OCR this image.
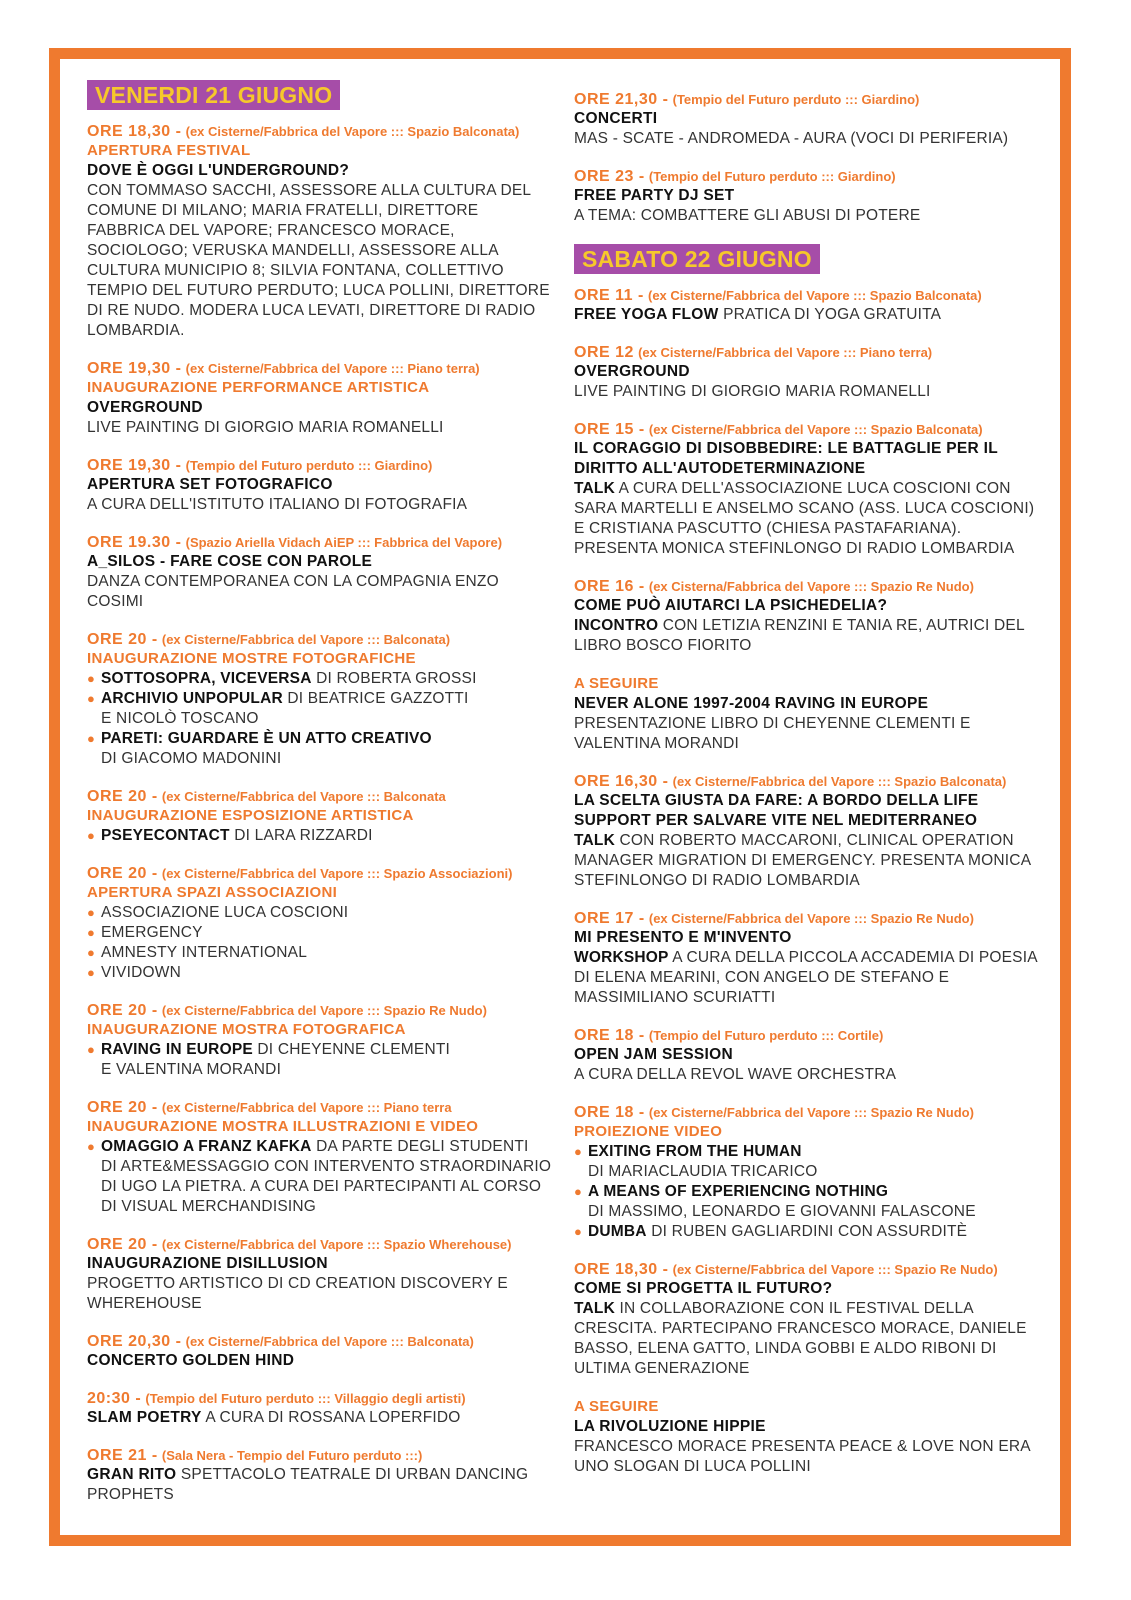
VENERDI 21 GIUGNO
ORE 18,30 - (ex Cisterne/Fabbrica del Vapore ::: Spazio Balconata)
APERTURA FESTIVAL
DOVE È OGGI L'UNDERGROUND?
CON TOMMASO SACCHI, ASSESSORE ALLA CULTURA DEL COMUNE DI MILANO; MARIA FRATELLI, DIRETTORE FABBRICA DEL VAPORE; FRANCESCO MORACE, SOCIOLOGO; VERUSKA MANDELLI, ASSESSORE ALLA CULTURA MUNICIPIO 8; SILVIA FONTANA, COLLETTIVO TEMPIO DEL FUTURO PERDUTO; LUCA POLLINI, DIRETTORE DI RE NUDO. MODERA LUCA LEVATI, DIRETTORE DI RADIO LOMBARDIA.
ORE 19,30 - (ex Cisterne/Fabbrica del Vapore ::: Piano terra)
INAUGURAZIONE PERFORMANCE ARTISTICA
OVERGROUND
LIVE PAINTING DI GIORGIO MARIA ROMANELLI
ORE 19,30 - (Tempio del Futuro perduto ::: Giardino)
APERTURA SET FOTOGRAFICO
A CURA DELL'ISTITUTO ITALIANO DI FOTOGRAFIA
ORE 19.30 - (Spazio Ariella Vidach AiEP ::: Fabbrica del Vapore)
A_SILOS - FARE COSE CON PAROLE
DANZA CONTEMPORANEA CON LA COMPAGNIA ENZO COSIMI
ORE 20 - (ex Cisterne/Fabbrica del Vapore ::: Balconata)
INAUGURAZIONE MOSTRE FOTOGRAFICHE
● SOTTOSOPRA, VICEVERSA DI ROBERTA GROSSI
● ARCHIVIO UNPOPULAR DI BEATRICE GAZZOTTI
E NICOLÒ TOSCANO
● PARETI: GUARDARE È UN ATTO CREATIVO
DI GIACOMO MADONINI
ORE 20 - (ex Cisterne/Fabbrica del Vapore ::: Balconata
INAUGURAZIONE ESPOSIZIONE ARTISTICA
● PSEYECONTACT DI LARA RIZZARDI
ORE 20 - (ex Cisterne/Fabbrica del Vapore ::: Spazio Associazioni)
APERTURA SPAZI ASSOCIAZIONI
● ASSOCIAZIONE LUCA COSCIONI
● EMERGENCY
● AMNESTY INTERNATIONAL
● VIVIDOWN
ORE 20 - (ex Cisterne/Fabbrica del Vapore ::: Spazio Re Nudo)
INAUGURAZIONE MOSTRA FOTOGRAFICA
● RAVING IN EUROPE DI CHEYENNE CLEMENTI
E VALENTINA MORANDI
ORE 20 - (ex Cisterne/Fabbrica del Vapore ::: Piano terra
INAUGURAZIONE MOSTRA ILLUSTRAZIONI E VIDEO
● OMAGGIO A FRANZ KAFKA DA PARTE DEGLI STUDENTI
DI ARTE&MESSAGGIO CON INTERVENTO STRAORDINARIO DI UGO LA PIETRA. A CURA DEI PARTECIPANTI AL CORSO DI VISUAL MERCHANDISING
ORE 20 - (ex Cisterne/Fabbrica del Vapore ::: Spazio Wherehouse)
INAUGURAZIONE DISILLUSION
PROGETTO ARTISTICO DI CD CREATION DISCOVERY E WHEREHOUSE
ORE 20,30 - (ex Cisterne/Fabbrica del Vapore ::: Balconata)
CONCERTO GOLDEN HIND
20:30 - (Tempio del Futuro perduto ::: Villaggio degli artisti)
SLAM POETRY A CURA DI ROSSANA LOPERFIDO
ORE 21 - (Sala Nera - Tempio del Futuro perduto :::)
GRAN RITO SPETTACOLO TEATRALE DI URBAN DANCING PROPHETS
ORE 21,30 - (Tempio del Futuro perduto ::: Giardino)
CONCERTI
MAS - SCATE - ANDROMEDA - AURA (VOCI DI PERIFERIA)
ORE 23 - (Tempio del Futuro perduto ::: Giardino)
FREE PARTY DJ SET
A TEMA: COMBATTERE GLI ABUSI DI POTERE
SABATO 22 GIUGNO
ORE 11 - (ex Cisterne/Fabbrica del Vapore ::: Spazio Balconata)
FREE YOGA FLOW PRATICA DI YOGA GRATUITA
ORE 12 (ex Cisterne/Fabbrica del Vapore ::: Piano terra)
OVERGROUND
LIVE PAINTING DI GIORGIO MARIA ROMANELLI
ORE 15 - (ex Cisterne/Fabbrica del Vapore ::: Spazio Balconata)
IL CORAGGIO DI DISOBBEDIRE: LE BATTAGLIE PER IL DIRITTO ALL'AUTODETERMINAZIONE
TALK A CURA DELL'ASSOCIAZIONE LUCA COSCIONI CON SARA MARTELLI E ANSELMO SCANO (ASS. LUCA COSCIONI) E CRISTIANA PASCUTTO (CHIESA PASTAFARIANA). PRESENTA MONICA STEFINLONGO DI RADIO LOMBARDIA
ORE 16 - (ex Cisterna/Fabbrica del Vapore ::: Spazio Re Nudo)
COME PUÒ AIUTARCI LA PSICHEDELIA?
INCONTRO CON LETIZIA RENZINI E TANIA RE, AUTRICI DEL LIBRO BOSCO FIORITO
A SEGUIRE
NEVER ALONE 1997-2004 RAVING IN EUROPE
PRESENTAZIONE LIBRO DI CHEYENNE CLEMENTI E VALENTINA MORANDI
ORE 16,30 - (ex Cisterne/Fabbrica del Vapore ::: Spazio Balconata)
LA SCELTA GIUSTA DA FARE: A BORDO DELLA LIFE SUPPORT PER SALVARE VITE NEL MEDITERRANEO
TALK CON ROBERTO MACCARONI, CLINICAL OPERATION MANAGER MIGRATION DI EMERGENCY. PRESENTA MONICA STEFINLONGO DI RADIO LOMBARDIA
ORE 17 - (ex Cisterne/Fabbrica del Vapore ::: Spazio Re Nudo)
MI PRESENTO E M'INVENTO
WORKSHOP A CURA DELLA PICCOLA ACCADEMIA DI POESIA DI ELENA MEARINI, CON ANGELO DE STEFANO E MASSIMILIANO SCURIATTI
ORE 18 - (Tempio del Futuro perduto ::: Cortile)
OPEN JAM SESSION
A CURA DELLA REVOL WAVE ORCHESTRA
ORE 18 - (ex Cisterne/Fabbrica del Vapore ::: Spazio Re Nudo)
PROIEZIONE VIDEO
● EXITING FROM THE HUMAN
DI MARIACLAUDIA TRICARICO
● A MEANS OF EXPERIENCING NOTHING
DI MASSIMO, LEONARDO E GIOVANNI FALASCONE
● DUMBA DI RUBEN GAGLIARDINI CON ASSURDITÈ
ORE 18,30 - (ex Cisterne/Fabbrica del Vapore ::: Spazio Re Nudo)
COME SI PROGETTA IL FUTURO?
TALK IN COLLABORAZIONE CON IL FESTIVAL DELLA CRESCITA. PARTECIPANO FRANCESCO MORACE, DANIELE BASSO, ELENA GATTO, LINDA GOBBI E ALDO RIBONI DI ULTIMA GENERAZIONE
A SEGUIRE
LA RIVOLUZIONE HIPPIE
FRANCESCO MORACE PRESENTA PEACE & LOVE NON ERA UNO SLOGAN DI LUCA POLLINI
